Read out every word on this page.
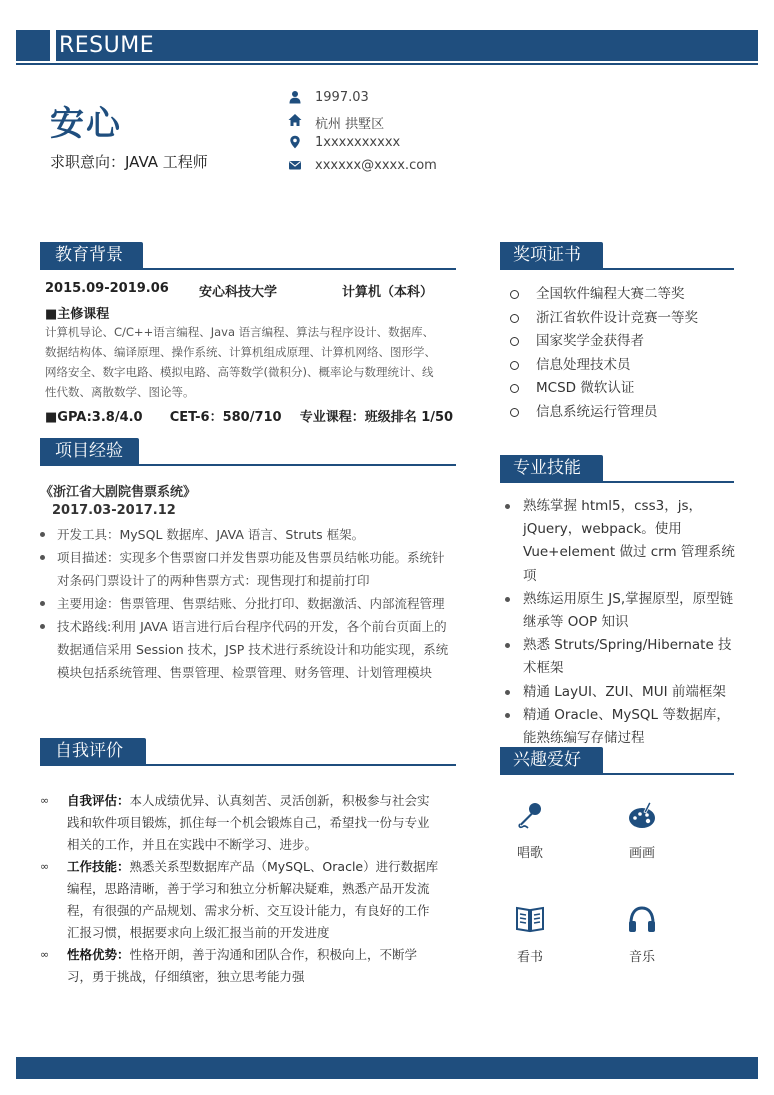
RESUME
安心
求职意向：JAVA 工程师
1997.03
杭州 拱墅区
1xxxxxxxxxx
xxxxxx@xxxx.com
教育背景
2015.09-2019.06 安心科技大学	计算机（本科）
■主修课程
计算机导论、C/C++语言编程、Java 语言编程、算法与程序设计、数据库、
数据结构体、编译原理、操作系统、计算机组成原理、计算机网络、图形学、
网络安全、数字电路、模拟电路、高等数学(微积分)、概率论与数理统计、线
性代数、离散数学、图论等。
■GPA:3.8/4.0      CET-6：580/710    专业课程：班级排名 1/50
项目经验
《浙江省大剧院售票系统》
2017.03-2017.12
开发工具：MySQL 数据库、JAVA 语言、Struts 框架。
项目描述：实现多个售票窗口并发售票功能及售票员结帐功能。系统针对条码门票设计了的两种售票方式：现售现打和提前打印
主要用途：售票管理、售票结账、分批打印、数据激活、内部流程管理
技术路线:利用 JAVA 语言进行后台程序代码的开发，各个前台页面上的数据通信采用 Session 技术，JSP 技术进行系统设计和功能实现，系统模块包括系统管理、售票管理、检票管理、财务管理、计划管理模块
自我评价
∞ 自我评估：本人成绩优异、认真刻苦、灵活创新，积极参与社会实践和软件项目锻炼，抓住每一个机会锻炼自己，希望找一份与专业相关的工作，并且在实践中不断学习、进步。
∞ 工作技能：熟悉关系型数据库产品（MySQL、Oracle）进行数据库编程，思路清晰，善于学习和独立分析解决疑难，熟悉产品开发流程，有很强的产品规划、需求分析、交互设计能力，有良好的工作汇报习惯，根据要求向上级汇报当前的开发进度
∞ 性格优势：性格开朗，善于沟通和团队合作，积极向上，不断学习，勇于挑战，仔细缜密，独立思考能力强
奖项证书
全国软件编程大赛二等奖
浙江省软件设计竞赛一等奖
国家奖学金获得者
信息处理技术员
MCSD 微软认证
信息系统运行管理员
专业技能
熟练掌握 html5，css3，js，jQuery，webpack。使用 Vue+element 做过 crm 管理系统项
熟练运用原生 JS,掌握原型，原型链继承等 OOP 知识
熟悉 Struts/Spring/Hibernate 技术框架
精通 LayUI、ZUI、MUI 前端框架
精通 Oracle、MySQL 等数据库，能熟练编写存储过程
兴趣爱好
唱歌	画画
看书	音乐
